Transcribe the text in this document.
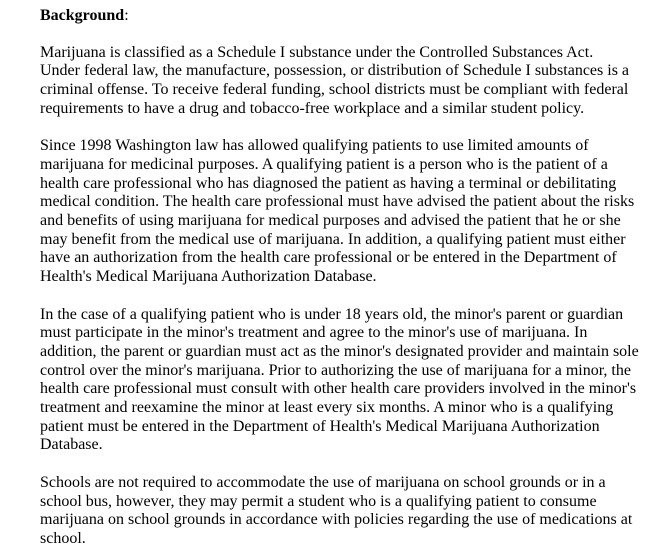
Background:
Marijuana is classified as a Schedule I substance under the Controlled Substances Act.
Under federal law, the manufacture, possession, or distribution of Schedule I substances is a
criminal offense. To receive federal funding, school districts must be compliant with federal
requirements to have a drug and tobacco-free workplace and a similar student policy.
Since 1998 Washington law has allowed qualifying patients to use limited amounts of
marijuana for medicinal purposes. A qualifying patient is a person who is the patient of a
health care professional who has diagnosed the patient as having a terminal or debilitating
medical condition. The health care professional must have advised the patient about the risks
and benefits of using marijuana for medical purposes and advised the patient that he or she
may benefit from the medical use of marijuana. In addition, a qualifying patient must either
have an authorization from the health care professional or be entered in the Department of
Health's Medical Marijuana Authorization Database.
In the case of a qualifying patient who is under 18 years old, the minor's parent or guardian
must participate in the minor's treatment and agree to the minor's use of marijuana. In
addition, the parent or guardian must act as the minor's designated provider and maintain sole
control over the minor's marijuana. Prior to authorizing the use of marijuana for a minor, the
health care professional must consult with other health care providers involved in the minor's
treatment and reexamine the minor at least every six months. A minor who is a qualifying
patient must be entered in the Department of Health's Medical Marijuana Authorization
Database.
Schools are not required to accommodate the use of marijuana on school grounds or in a
school bus, however, they may permit a student who is a qualifying patient to consume
marijuana on school grounds in accordance with policies regarding the use of medications at
school.
